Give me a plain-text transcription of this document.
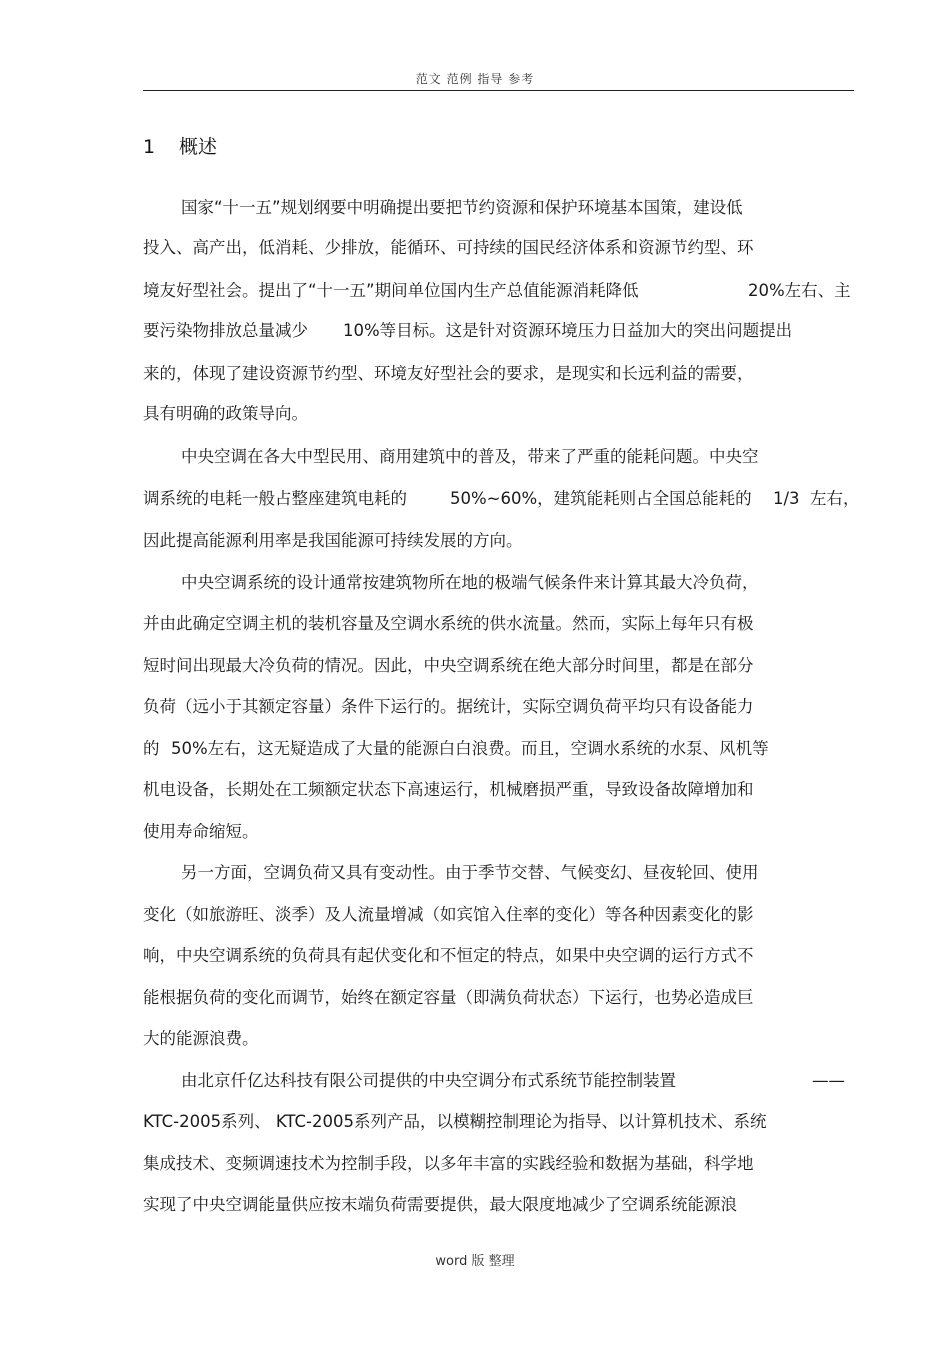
范文 范例 指导 参考
1 概述
国家“十一五”规划纲要中明确提出要把节约资源和保护环境基本国策，建设低
投入、高产出，低消耗、少排放，能循环、可持续的国民经济体系和资源节约型、环

境友好型社会。提出了“十一五”期间单位国内生产总值能源消耗降低

	20%左右、主

要污染物排放总量减少

10%等目标。这是针对资源环境压力日益加大的突出问题提出

来的，体现了建设资源节约型、环境友好型社会的要求，是现实和长远利益的需要，
具有明确的政策导向。
中央空调在各大中型民用、商用建筑中的普及，带来了严重的能耗问题。中央空

调系统的电耗一般占整座建筑电耗的

	50%~60%，建筑能耗则占全国总能耗的

1/3  左右，

因此提高能源利用率是我国能源可持续发展的方向。
中央空调系统的设计通常按建筑物所在地的极端气候条件来计算其最大冷负荷，
并由此确定空调主机的装机容量及空调水系统的供水流量。然而，实际上每年只有极
短时间出现最大冷负荷的情况。因此，中央空调系统在绝大部分时间里，都是在部分
负荷（远小于其额定容量）条件下运行的。据统计，实际空调负荷平均只有设备能力

的

50%左右，这无疑造成了大量的能源白白浪费。而且，空调水系统的水泵、风机等

机电设备，长期处在工频额定状态下高速运行，机械磨损严重，导致设备故障增加和
使用寿命缩短。
另一方面，空调负荷又具有变动性。由于季节交替、气候变幻、昼夜轮回、使用
变化（如旅游旺、淡季）及人流量增减（如宾馆入住率的变化）等各种因素变化的影
响，中央空调系统的负荷具有起伏变化和不恒定的特点，如果中央空调的运行方式不
能根据负荷的变化而调节，始终在额定容量（即满负荷状态）下运行，也势必造成巨
大的能源浪费。

由北京仟亿达科技有限公司提供的中央空调分布式系统节能控制装置

	——

KTC-2005系列、 KTC-2005系列产品，以模糊控制理论为指导、以计算机技术、系统
集成技术、变频调速技术为控制手段，以多年丰富的实践经验和数据为基础，科学地
实现了中央空调能量供应按末端负荷需要提供，最大限度地减少了空调系统能源浪
word 版 整理
